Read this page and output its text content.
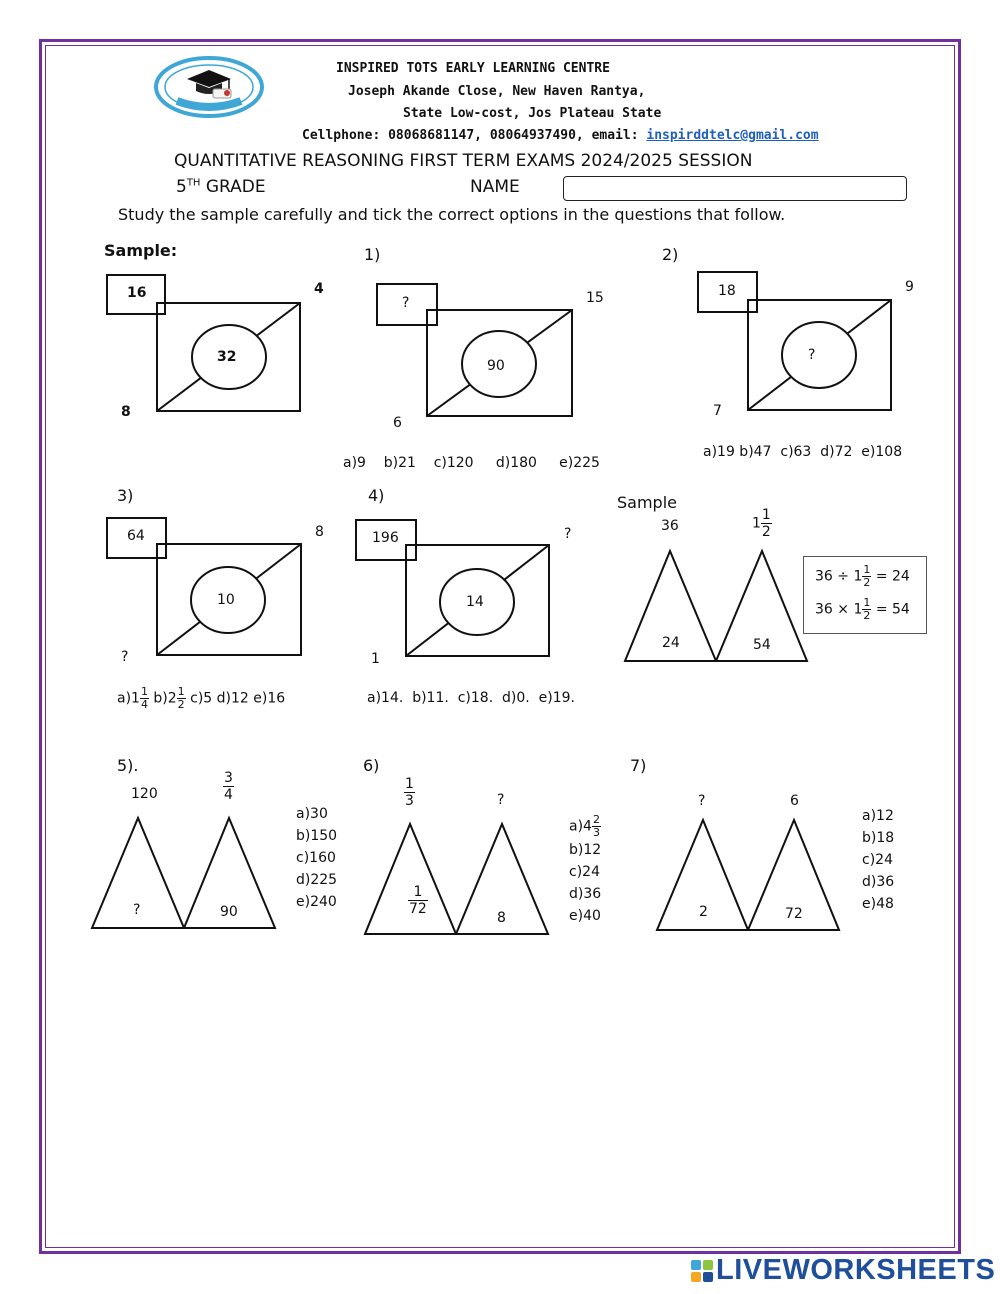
INSPIRED TOTS EARLY LEARNING CENTRE
Joseph Akande Close, New Haven Rantya,
State Low-cost, Jos Plateau State
Cellphone: 08068681147, 08064937490, email: inspirddtelc@gmail.com
QUANTITATIVE REASONING FIRST TERM EXAMS 2024/2025 SESSION
5TH GRADE	NAME
Study the sample carefully and tick the correct options in the questions that follow.
Sample:
16	4
32
8
1)
?	15
90
6
a)9    b)21    c)120     d)180     e)225
2)
18	9
?
7
a)19 b)47  c)63  d)72  e)108
3)
64	8
10
?
$a)1 \frac{1}{4} b)2 \frac{1}{2} c)5$ d)12 e)16
4)
196	?
14
1
a)14.  b)11.  c)18.  d)0.  e)19.
Sample
36	$1 \frac{1}{2}$
24	54
$36 \div 1 \frac{1}{2} = 24$
$36 \times 1 \frac{1}{2} = 54$
5).
120	$\frac{3}{4}$
?	90
a)30
b)150
c)160
d)225
e)240
6)
$\frac{1}{3}$	?
$\frac{1}{72}$
8
$a)4 \frac{2}{3}$
b)12
c)24
d)36
e)40
7)
?	6
2	72
a)12
b)18
c)24
d)36
e)48
LIVEWORKSHEETS
